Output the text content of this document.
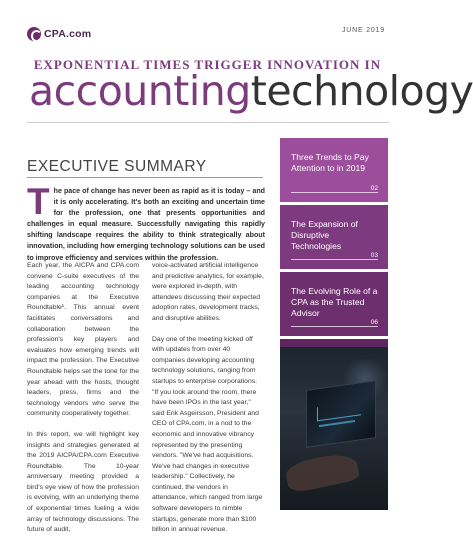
CPA.com	JUNE 2019
EXPONENTIAL TIMES TRIGGER INNOVATION IN
accountingtechnology
EXECUTIVE SUMMARY
The pace of change has never been as rapid as it is today – and it is only accelerating. It's both an exciting and uncertain time for the profession, one that presents opportunities and challenges in equal measure. Successfully navigating this rapidly shifting landscape requires the ability to think strategically about innovation, including how emerging technology solutions can be used to improve efficiency and services within the profession.

Each year, the AICPA and CPA.com convene C-suite executives of the leading accounting technology companies at the Executive Roundtable¹. This annual event facilitates conversations and collaboration between the profession's key players and evaluates how emerging trends will impact the profession. The Executive Roundtable helps set the tone for the year ahead with the hosts, thought leaders, press, firms and the technology vendors who serve the community cooperatively together.

In this report, we will highlight key insights and strategies generated at the 2019 AICPA/CPA.com Executive Roundtable. The 10-year anniversary meeting provided a bird's eye view of how the profession is evolving, with an underlying theme of exponential times fueling a wide array of technology discussions. The future of audit,

voice-activated artificial intelligence and predictive analytics, for example, were explored in-depth, with attendees discussing their expected adoption rates, development tracks, and disruptive abilities.

Day one of the meeting kicked off with updates from over 40 companies developing accounting technology solutions, ranging from startups to enterprise corporations. "If you look around the room, there have been IPOs in the last year," said Erik Asgeirsson, President and CEO of CPA.com, in a nod to the economic and innovative vibrancy represented by the presenting vendors. "We've had acquisitions. We've had changes in executive leadership." Collectively, he continued, the vendors in attendance, which ranged from large software developers to nimble startups, generate more than $100 billion in annual revenue.

Three Trends to Pay Attention to in 2019
02
The Expansion of Disruptive Technologies
03
The Evolving Role of a CPA as the Trusted Advisor
06
